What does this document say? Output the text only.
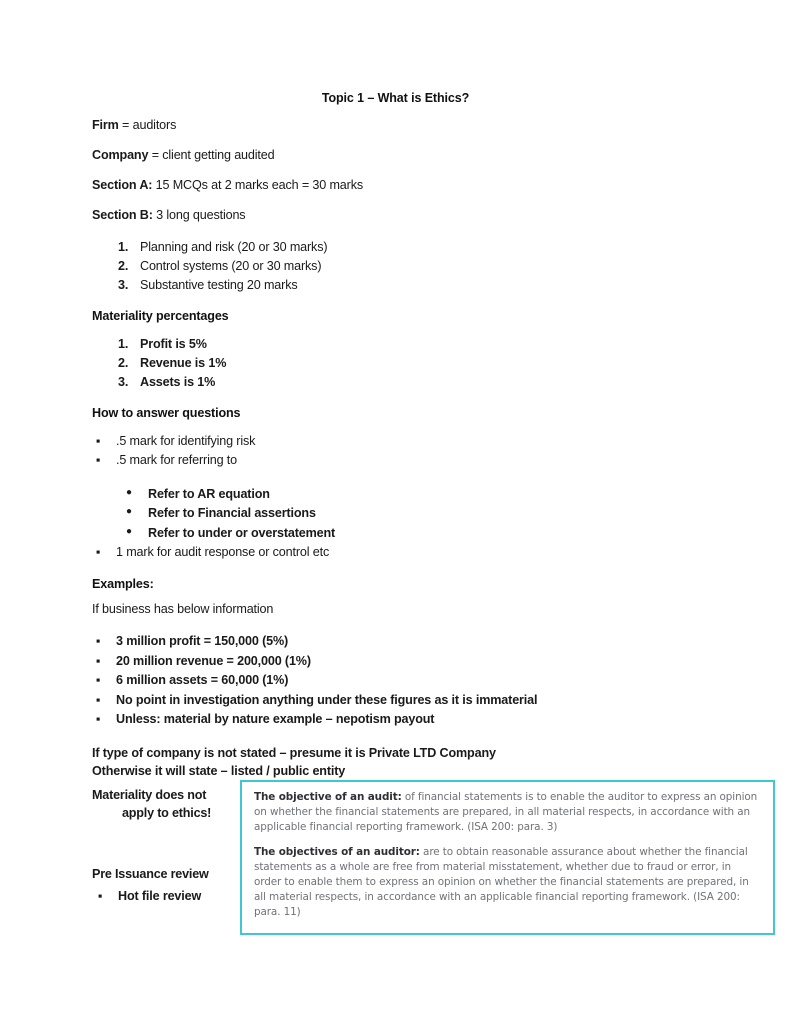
Topic 1 – What is Ethics?

Firm = auditors

Company = client getting audited

Section A: 15 MCQs at 2 marks each = 30 marks

Section B: 3 long questions

1. Planning and risk (20 or 30 marks)
2. Control systems (20 or 30 marks)
3. Substantive testing 20 marks

Materiality percentages

1. Profit is 5%
2. Revenue is 1%
3. Assets is 1%

How to answer questions

▪ .5 mark for identifying risk
▪ .5 mark for referring to
● Refer to AR equation
● Refer to Financial assertions
● Refer to under or overstatement
▪ 1 mark for audit response or control etc

Examples:

If business has below information

▪ 3 million profit = 150,000 (5%)
▪ 20 million revenue = 200,000 (1%)
▪ 6 million assets = 60,000 (1%)
▪ No point in investigation anything under these figures as it is immaterial
▪ Unless: material by nature example – nepotism payout

If type of company is not stated – presume it is Private LTD Company

Otherwise it will state – listed / public entity

Materiality does not

apply to ethics!

Pre Issuance review

▪ Hot file review

The objective of an audit: of financial statements is to enable the auditor to express an opinion on whether the financial statements are prepared, in all material respects, in accordance with an applicable financial reporting framework. (ISA 200: para. 3)

The objectives of an auditor: are to obtain reasonable assurance about whether the financial statements as a whole are free from material misstatement, whether due to fraud or error, in order to enable them to express an opinion on whether the financial statements are prepared, in all material respects, in accordance with an applicable financial reporting framework. (ISA 200: para. 11)
